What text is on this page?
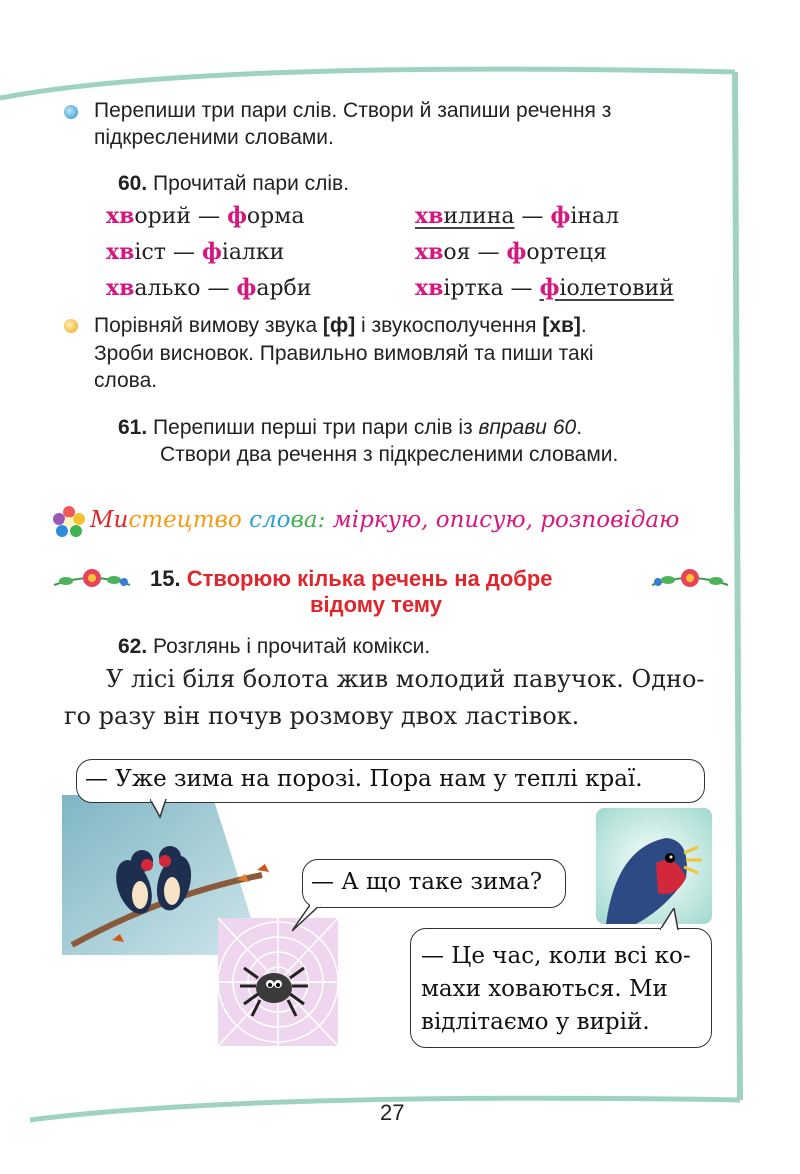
Перепиши три пари слів. Створи й запиши речення з
підкресленими словами.
60. Прочитай пари слів.
хворий — форма
хвіст — фіалки
хвалько — фарби
хвилина — фінал
хвоя — фортеця
хвіртка — фіолетовий
Порівняй вимову звука [ф] і звукосполучення [хв].
Зроби висновок. Правильно вимовляй та пиши такі
слова.
61. Перепиши перші три пари слів із вправи 60.
Створи два речення з підкресленими словами.
Мистецтво слова: міркую, описую, розповідаю
15. Створюю кілька речень на добре
відому тему
62. Розглянь і прочитай комікси.
У лісі біля болота жив молодий павучок. Одно-
го разу він почув розмову двох ластівок.
— Уже зима на порозі. Пора нам у теплі краї.
— А що таке зима?
— Це час, коли всі ко-
махи ховаються. Ми
відлітаємо у вирій.
27
